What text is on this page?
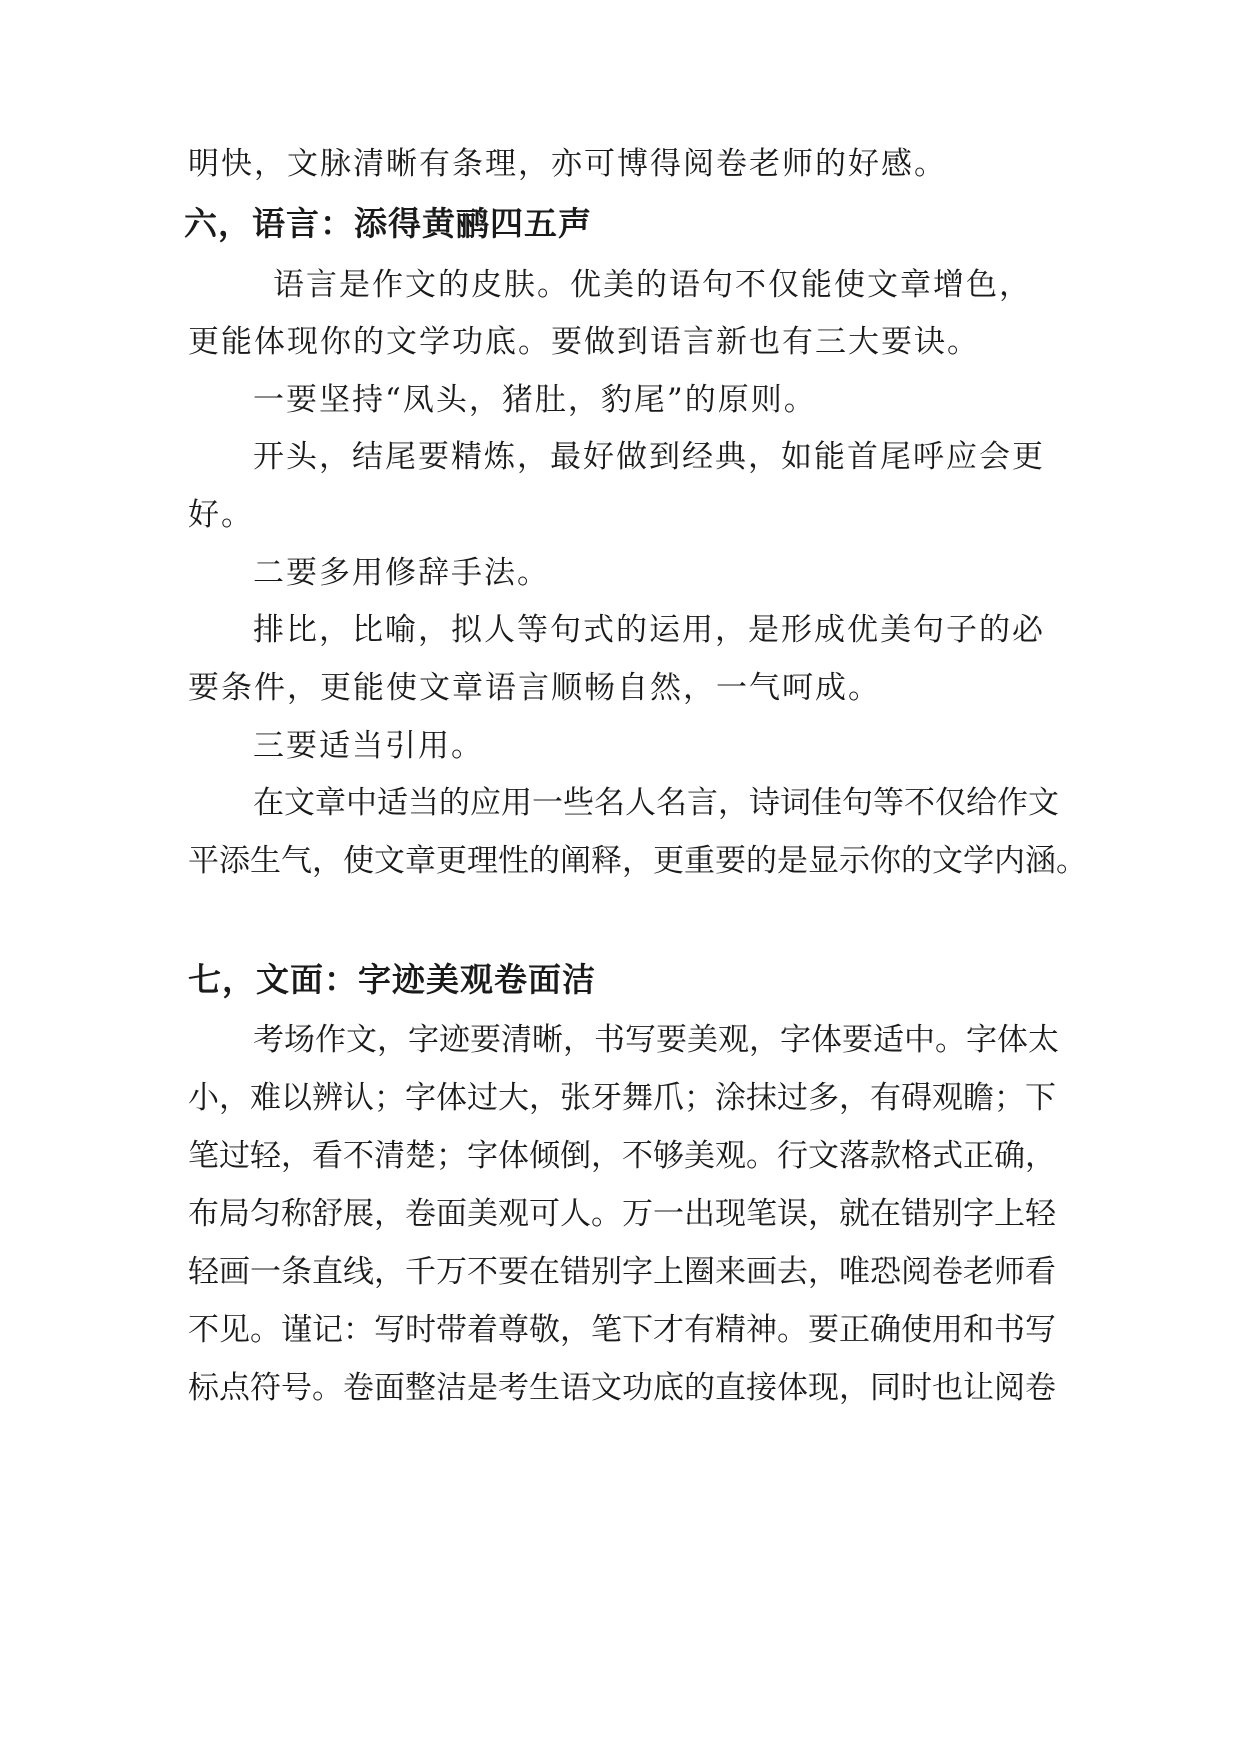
明快，文脉清晰有条理，亦可博得阅卷老师的好感。
六，语言：添得黄鹂四五声
语言是作文的皮肤。优美的语句不仅能使文章增色，
更能体现你的文学功底。要做到语言新也有三大要诀。
一要坚持“凤头，猪肚，豹尾”的原则。
开头，结尾要精炼，最好做到经典，如能首尾呼应会更
好。
二要多用修辞手法。
排比，比喻，拟人等句式的运用，是形成优美句子的必
要条件，更能使文章语言顺畅自然，一气呵成。
三要适当引用。
在文章中适当的应用一些名人名言，诗词佳句等不仅给作文
平添生气，使文章更理性的阐释，更重要的是显示你的文学内涵。
七，文面：字迹美观卷面洁
考场作文，字迹要清晰，书写要美观，字体要适中。字体太
小，难以辨认；字体过大，张牙舞爪；涂抹过多，有碍观瞻；下
笔过轻，看不清楚；字体倾倒，不够美观。行文落款格式正确，
布局匀称舒展，卷面美观可人。万一出现笔误，就在错别字上轻
轻画一条直线，千万不要在错别字上圈来画去，唯恐阅卷老师看
不见。谨记：写时带着尊敬，笔下才有精神。要正确使用和书写
标点符号。卷面整洁是考生语文功底的直接体现，同时也让阅卷
